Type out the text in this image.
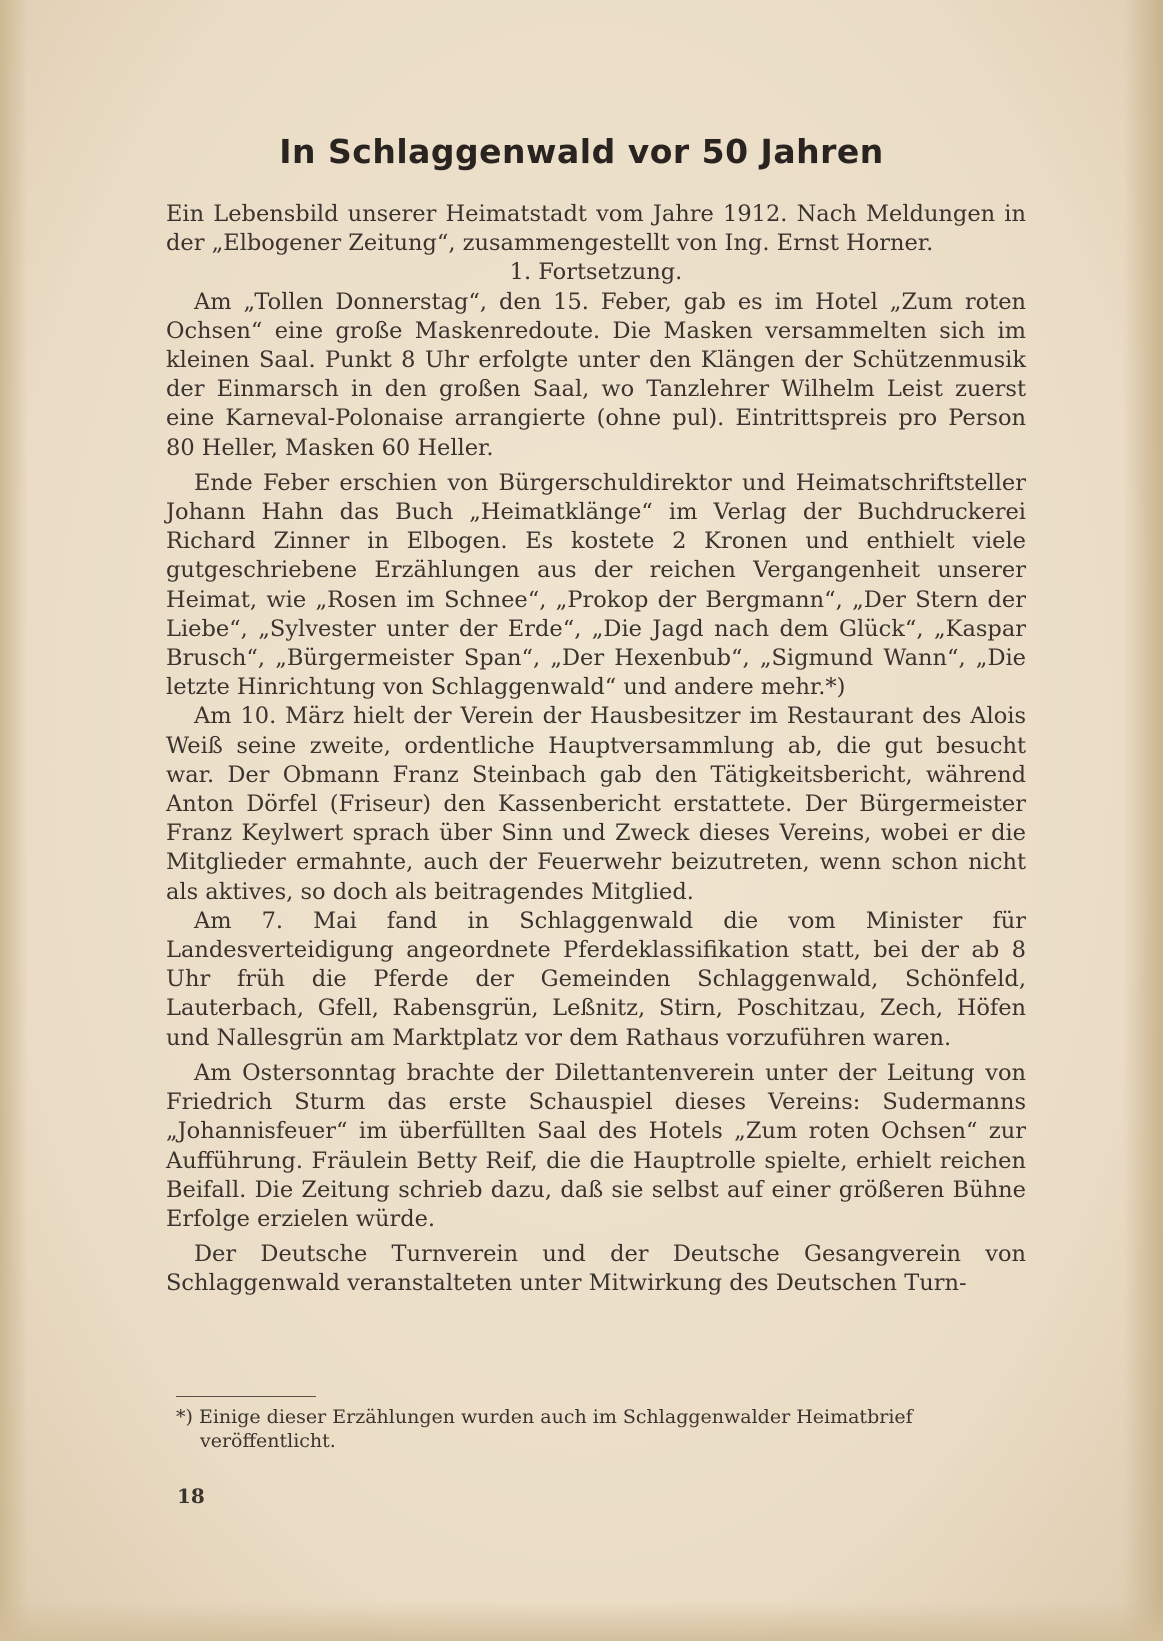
In Schlaggenwald vor 50 Jahren

Ein Lebensbild unserer Heimatstadt vom Jahre 1912. Nach Meldungen in der „Elbogener Zeitung“, zusammengestellt von Ing. Ernst Horner.

1. Fortsetzung.

Am „Tollen Donnerstag“, den 15. Feber, gab es im Hotel „Zum roten Ochsen“ eine große Maskenredoute. Die Masken versammelten sich im kleinen Saal. Punkt 8 Uhr erfolgte unter den Klängen der Schützenmusik der Einmarsch in den großen Saal, wo Tanzlehrer Wilhelm Leist zuerst eine Karneval-Polonaise arrangierte (ohne pul). Eintrittspreis pro Person 80 Heller, Masken 60 Heller.

Ende Feber erschien von Bürgerschuldirektor und Heimatschriftsteller Johann Hahn das Buch „Heimatklänge“ im Verlag der Buchdruckerei Richard Zinner in Elbogen. Es kostete 2 Kronen und enthielt viele gutgeschriebene Erzählungen aus der reichen Vergangenheit unserer Heimat, wie „Rosen im Schnee“, „Prokop der Bergmann“, „Der Stern der Liebe“, „Sylvester unter der Erde“, „Die Jagd nach dem Glück“, „Kaspar Brusch“, „Bürgermeister Span“, „Der Hexenbub“, „Sigmund Wann“, „Die letzte Hinrichtung von Schlaggenwald“ und andere mehr.*)

Am 10. März hielt der Verein der Hausbesitzer im Restaurant des Alois Weiß seine zweite, ordentliche Hauptversammlung ab, die gut besucht war. Der Obmann Franz Steinbach gab den Tätigkeitsbericht, während Anton Dörfel (Friseur) den Kassenbericht erstattete. Der Bürgermeister Franz Keylwert sprach über Sinn und Zweck dieses Vereins, wobei er die Mitglieder ermahnte, auch der Feuerwehr beizutreten, wenn schon nicht als aktives, so doch als beitragendes Mitglied.

Am 7. Mai fand in Schlaggenwald die vom Minister für Landesverteidigung angeordnete Pferdeklassifikation statt, bei der ab 8 Uhr früh die Pferde der Gemeinden Schlaggenwald, Schönfeld, Lauterbach, Gfell, Rabensgrün, Leßnitz, Stirn, Poschitzau, Zech, Höfen und Nallesgrün am Marktplatz vor dem Rathaus vorzuführen waren.

Am Ostersonntag brachte der Dilettantenverein unter der Leitung von Friedrich Sturm das erste Schauspiel dieses Vereins: Sudermanns „Johannisfeuer“ im überfüllten Saal des Hotels „Zum roten Ochsen“ zur Aufführung. Fräulein Betty Reif, die die Hauptrolle spielte, erhielt reichen Beifall. Die Zeitung schrieb dazu, daß sie selbst auf einer größeren Bühne Erfolge erzielen würde.

Der Deutsche Turnverein und der Deutsche Gesangverein von Schlaggenwald veranstalteten unter Mitwirkung des Deutschen Turn-

*) Einige dieser Erzählungen wurden auch im Schlaggenwalder Heimatbrief
veröffentlicht.
18
